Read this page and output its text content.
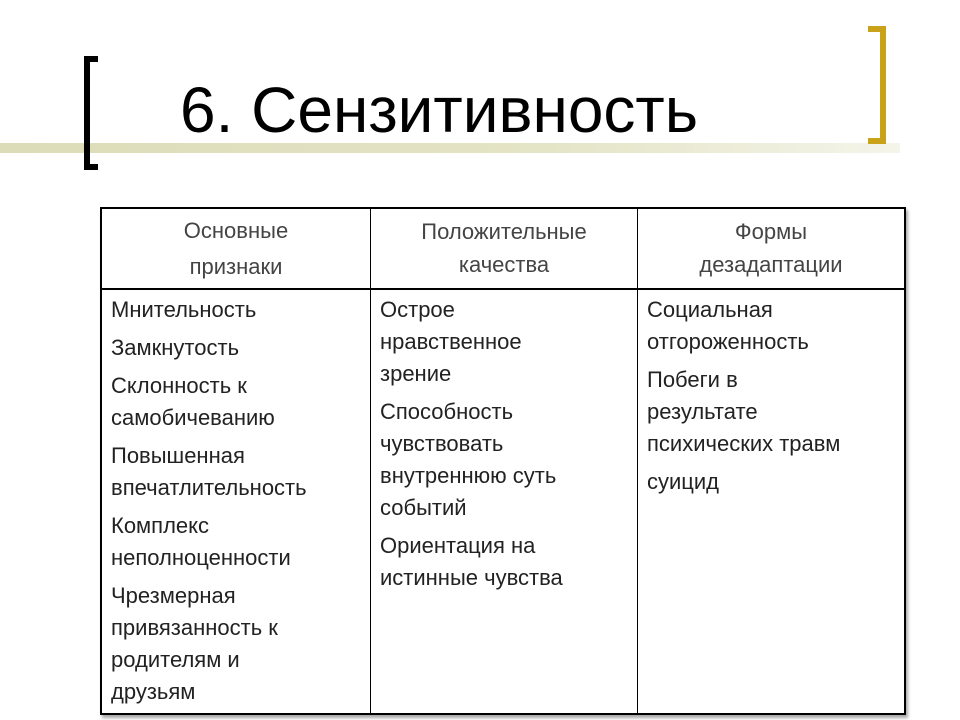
6. Сензитивность
Основные
признаки
Положительные
качества
Формы
дезадаптации
Мнительность
Замкнутость
Склонность к
самобичеванию
Повышенная
впечатлительность
Комплекс
неполноценности
Чрезмерная
привязанность к
родителям и
друзьям
Острое
нравственное
зрение
Способность
чувствовать
внутреннюю суть
событий
Ориентация на
истинные чувства
Социальная
отгороженность
Побеги в
результате
психических травм
суицид
